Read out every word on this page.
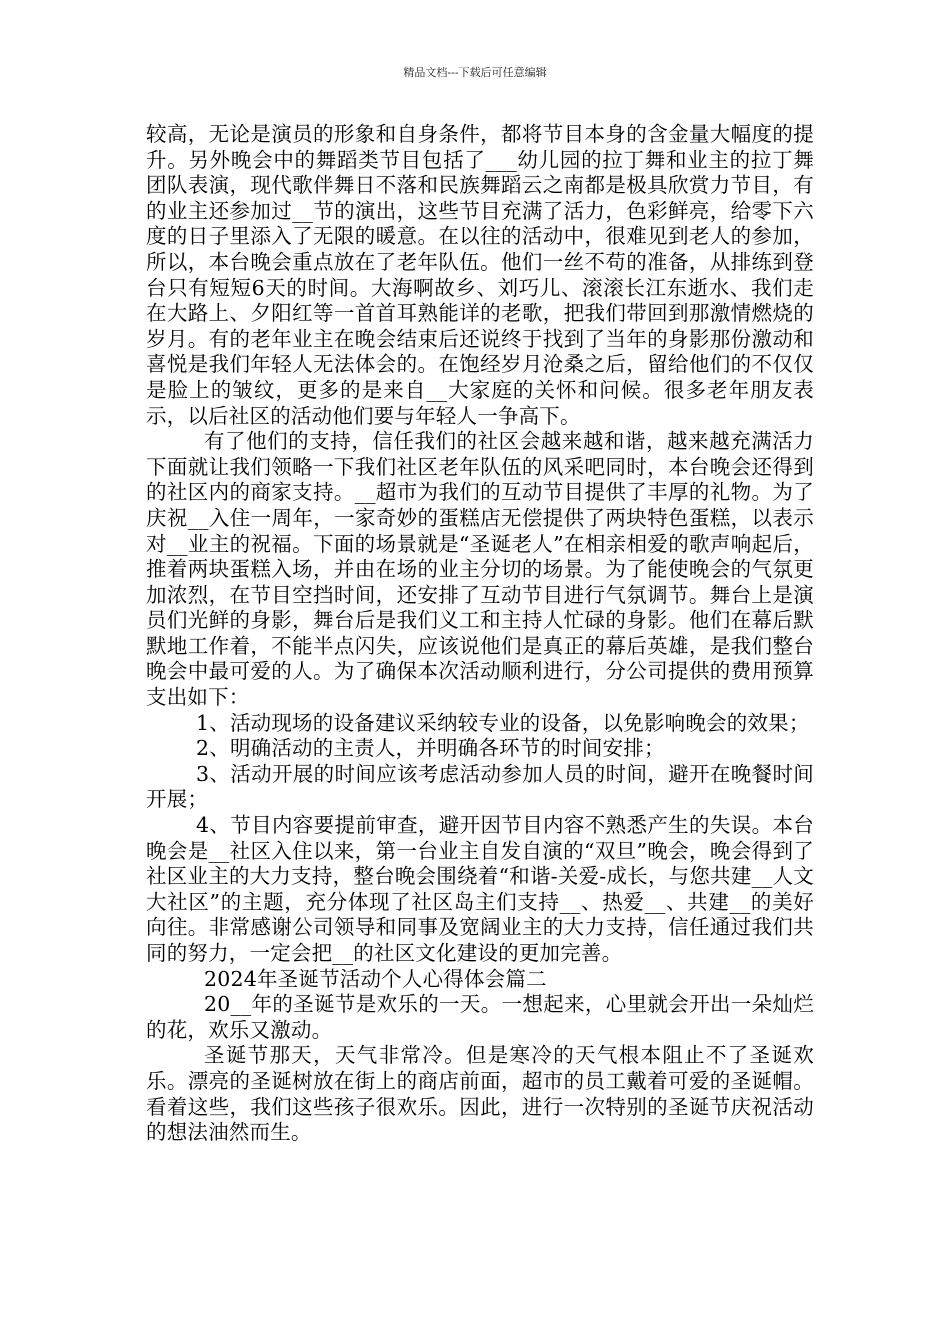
精品文档---下载后可任意编辑

较高，无论是演员的形象和自身条件，都将节目本身的含金量大幅度的提升。另外晚会中的舞蹈类节目包括了___幼儿园的拉丁舞和业主的拉丁舞团队表演，现代歌伴舞日不落和民族舞蹈云之南都是极具欣赏力节目，有的业主还参加过__节的演出，这些节目充满了活力，色彩鲜亮，给零下六度的日子里添入了无限的暖意。在以往的活动中，很难见到老人的参加，所以，本台晚会重点放在了老年队伍。他们一丝不苟的准备，从排练到登台只有短短6天的时间。大海啊故乡、刘巧儿、滚滚长江东逝水、我们走在大路上、夕阳红等一首首耳熟能详的老歌，把我们带回到那激情燃烧的岁月。有的老年业主在晚会结束后还说终于找到了当年的身影那份激动和喜悦是我们年轻人无法体会的。在饱经岁月沧桑之后，留给他们的不仅仅是脸上的皱纹，更多的是来自__大家庭的关怀和问候。很多老年朋友表示，以后社区的活动他们要与年轻人一争高下。

有了他们的支持，信任我们的社区会越来越和谐，越来越充满活力下面就让我们领略一下我们社区老年队伍的风采吧同时，本台晚会还得到的社区内的商家支持。__超市为我们的互动节目提供了丰厚的礼物。为了庆祝__入住一周年，一家奇妙的蛋糕店无偿提供了两块特色蛋糕，以表示对__业主的祝福。下面的场景就是“圣诞老人”在相亲相爱的歌声响起后，推着两块蛋糕入场，并由在场的业主分切的场景。为了能使晚会的气氛更加浓烈，在节目空挡时间，还安排了互动节目进行气氛调节。舞台上是演员们光鲜的身影，舞台后是我们义工和主持人忙碌的身影。他们在幕后默默地工作着，不能半点闪失，应该说他们是真正的幕后英雄，是我们整台晚会中最可爱的人。为了确保本次活动顺利进行，分公司提供的费用预算支出如下：

1、活动现场的设备建议采纳较专业的设备，以免影响晚会的效果；

2、明确活动的主责人，并明确各环节的时间安排；

3、活动开展的时间应该考虑活动参加人员的时间，避开在晚餐时间开展；

4、节目内容要提前审查，避开因节目内容不熟悉产生的失误。本台晚会是__社区入住以来，第一台业主自发自演的“双旦”晚会，晚会得到了社区业主的大力支持，整台晚会围绕着“和谐-关爱-成长，与您共建__人文大社区”的主题，充分体现了社区岛主们支持__、热爱__、共建__的美好向往。非常感谢公司领导和同事及宽阔业主的大力支持，信任通过我们共同的努力，一定会把__的社区文化建设的更加完善。

2024年圣诞节活动个人心得体会篇二

20__年的圣诞节是欢乐的一天。一想起来，心里就会开出一朵灿烂的花，欢乐又激动。

圣诞节那天，天气非常冷。但是寒冷的天气根本阻止不了圣诞欢乐。漂亮的圣诞树放在街上的商店前面，超市的员工戴着可爱的圣诞帽。看着这些，我们这些孩子很欢乐。因此，进行一次特别的圣诞节庆祝活动的想法油然而生。
